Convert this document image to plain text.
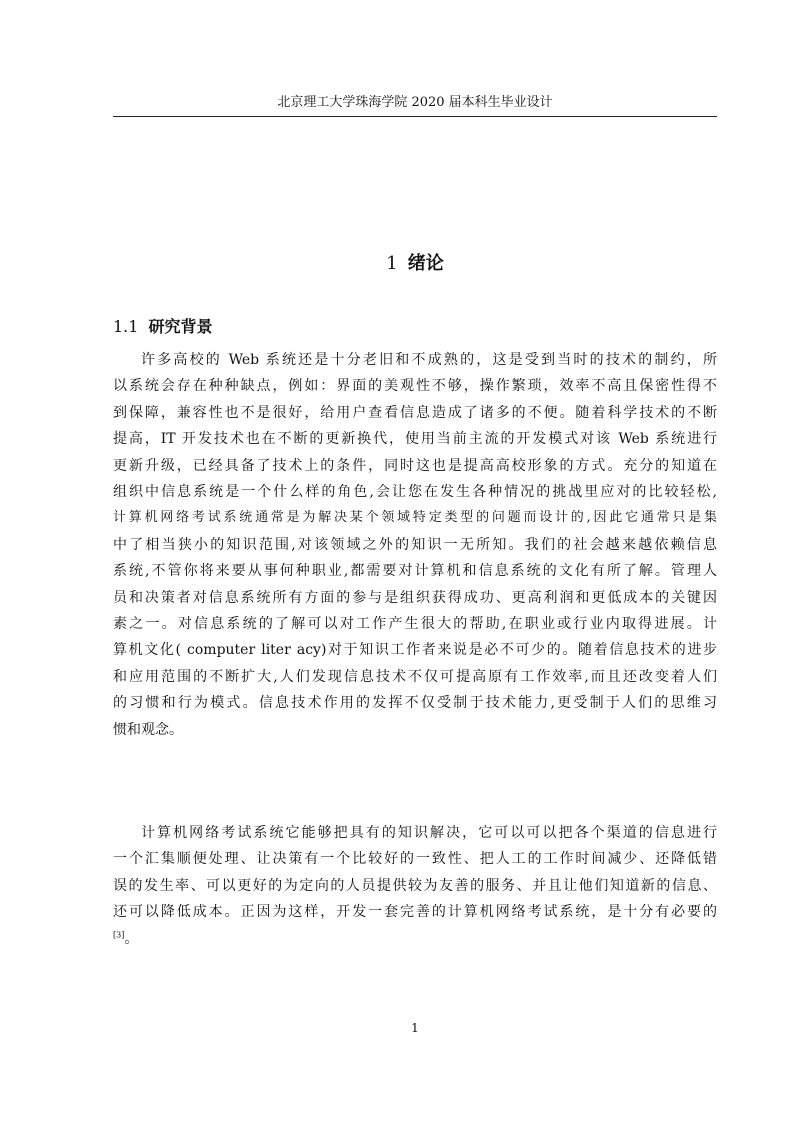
北京理工大学珠海学院 2020 届本科生毕业设计
1 绪论
1.1 研究背景
许多高校的 Web 系统还是十分老旧和不成熟的，这是受到当时的技术的制约，所
以系统会存在种种缺点，例如：界面的美观性不够，操作繁琐，效率不高且保密性得不
到保障，兼容性也不是很好，给用户查看信息造成了诸多的不便。随着科学技术的不断
提高，IT 开发技术也在不断的更新换代，使用当前主流的开发模式对该 Web 系统进行
更新升级，已经具备了技术上的条件，同时这也是提高高校形象的方式。充分的知道在
组织中信息系统是一个什么样的角色,会让您在发生各种情况的挑战里应对的比较轻松,
计算机网络考试系统通常是为解决某个领域特定类型的问题而设计的,因此它通常只是集
中了相当狭小的知识范围,对该领域之外的知识一无所知。我们的社会越来越依赖信息
系统,不管你将来要从事何种职业,都需要对计算机和信息系统的文化有所了解。管理人
员和决策者对信息系统所有方面的参与是组织获得成功、更高利润和更低成本的关键因
素之一。对信息系统的了解可以对工作产生很大的帮助,在职业或行业内取得进展。计
算机文化( computer liter acy)对于知识工作者来说是必不可少的。随着信息技术的进步
和应用范围的不断扩大,人们发现信息技术不仅可提高原有工作效率,而且还改变着人们
的习惯和行为模式。信息技术作用的发挥不仅受制于技术能力,更受制于人们的思维习
惯和观念。
计算机网络考试系统它能够把具有的知识解决，它可以可以把各个渠道的信息进行
一个汇集顺便处理、让决策有一个比较好的一致性、把人工的工作时间减少、还降低错
误的发生率、可以更好的为定向的人员提供较为友善的服务、并且让他们知道新的信息、
还可以降低成本。正因为这样，开发一套完善的计算机网络考试系统，是十分有必要的
[3]。
1
